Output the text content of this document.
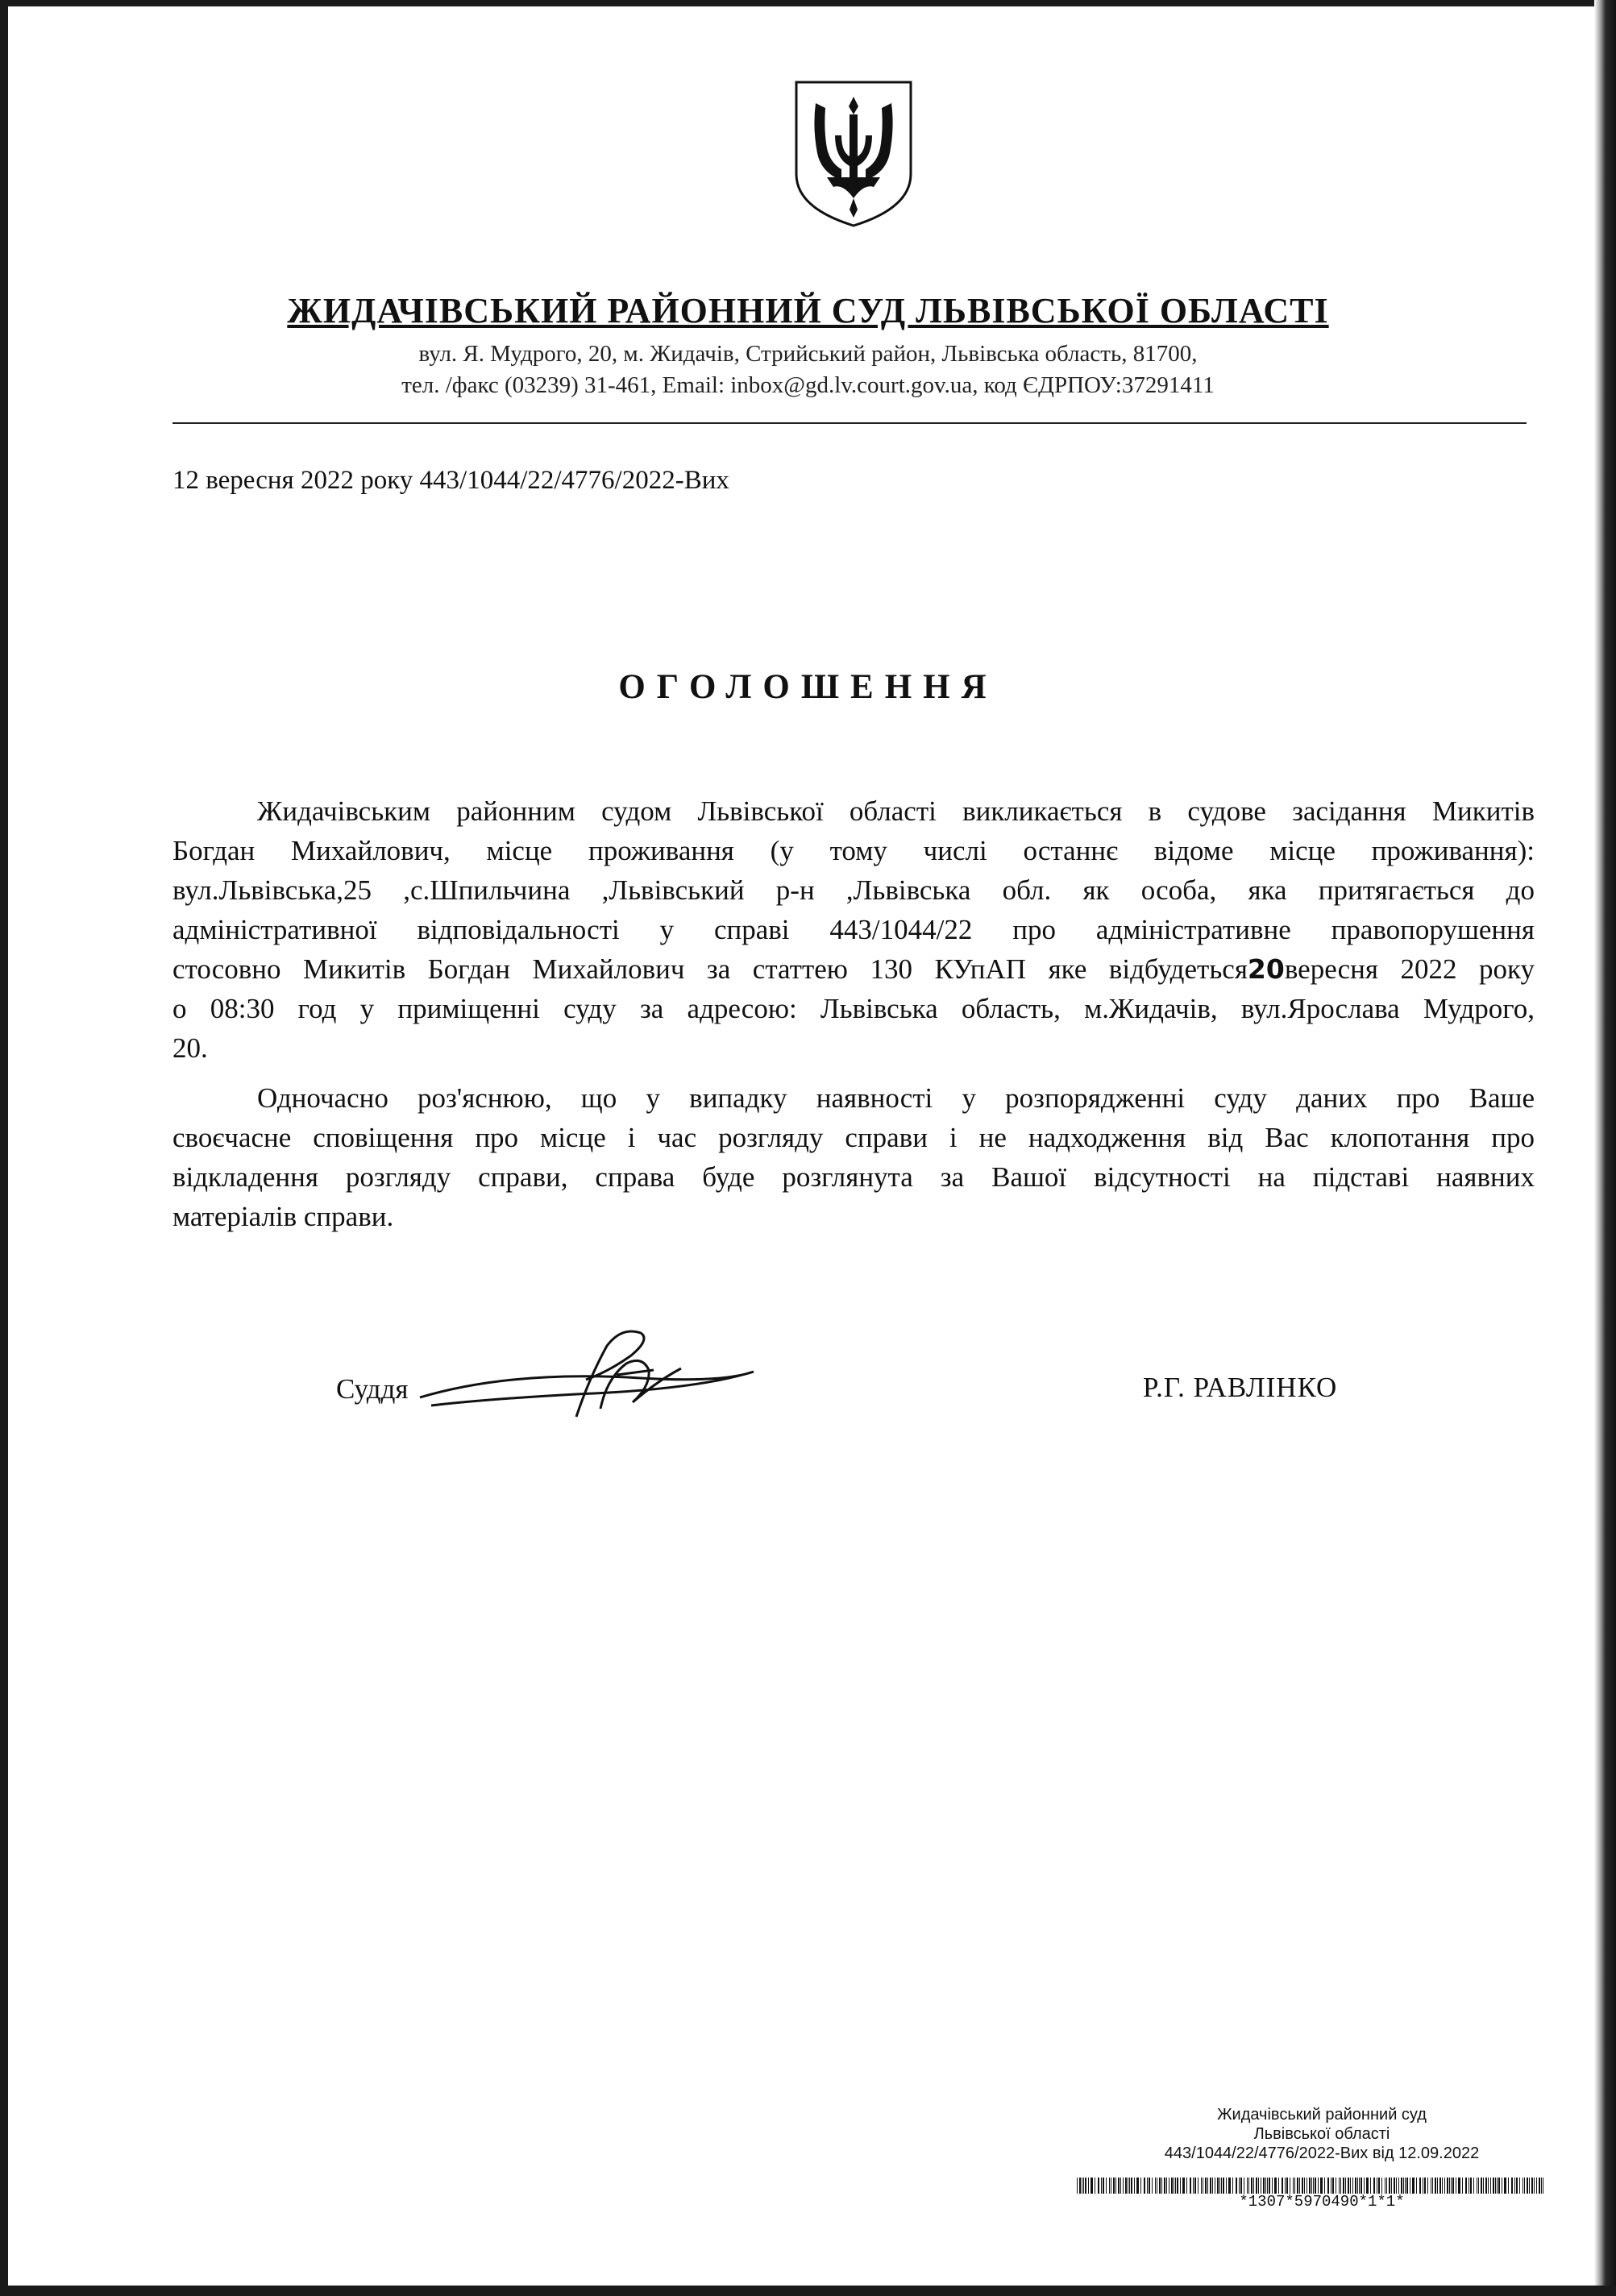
ЖИДАЧІВСЬКИЙ РАЙОННИЙ СУД ЛЬВІВСЬКОЇ ОБЛАСТІ
вул. Я. Мудрого, 20, м. Жидачів, Стрийський район, Львівська область, 81700,
тел. /факс (03239) 31-461, Email: inbox@gd.lv.court.gov.ua, код ЄДРПОУ:37291411
12 вересня 2022 року 443/1044/22/4776/2022-Вих
ОГОЛОШЕННЯ
Жидачівським районним судом Львівської області викликається в судове засідання Микитів
Богдан Михайлович, місце проживання (у тому числі останнє відоме місце проживання):
вул.Львівська,25 ,с.Шпильчина ,Львівський р-н ,Львівська обл. як особа, яка притягається до
адміністративної відповідальності у справі 443/1044/22 про адміністративне правопорушення
стосовно Микитів Богдан Михайлович за статтею 130 КУпАП яке відбудеться20вересня 2022 року
о 08:30 год у приміщенні суду за адресою: Львівська область, м.Жидачів, вул.Ярослава Мудрого,
20.
Одночасно роз'яснюю, що у випадку наявності у розпорядженні суду даних про Ваше
своєчасне сповіщення про місце і час розгляду справи і не надходження від Вас клопотання про
відкладення розгляду справи, справа буде розглянута за Вашої відсутності на підставі наявних
матеріалів справи.
Суддя	Р.Г. РАВЛІНКО
Жидачівський районний суд
Львівської області
443/1044/22/4776/2022-Вих від 12.09.2022
*1307*5970490*1*1*
